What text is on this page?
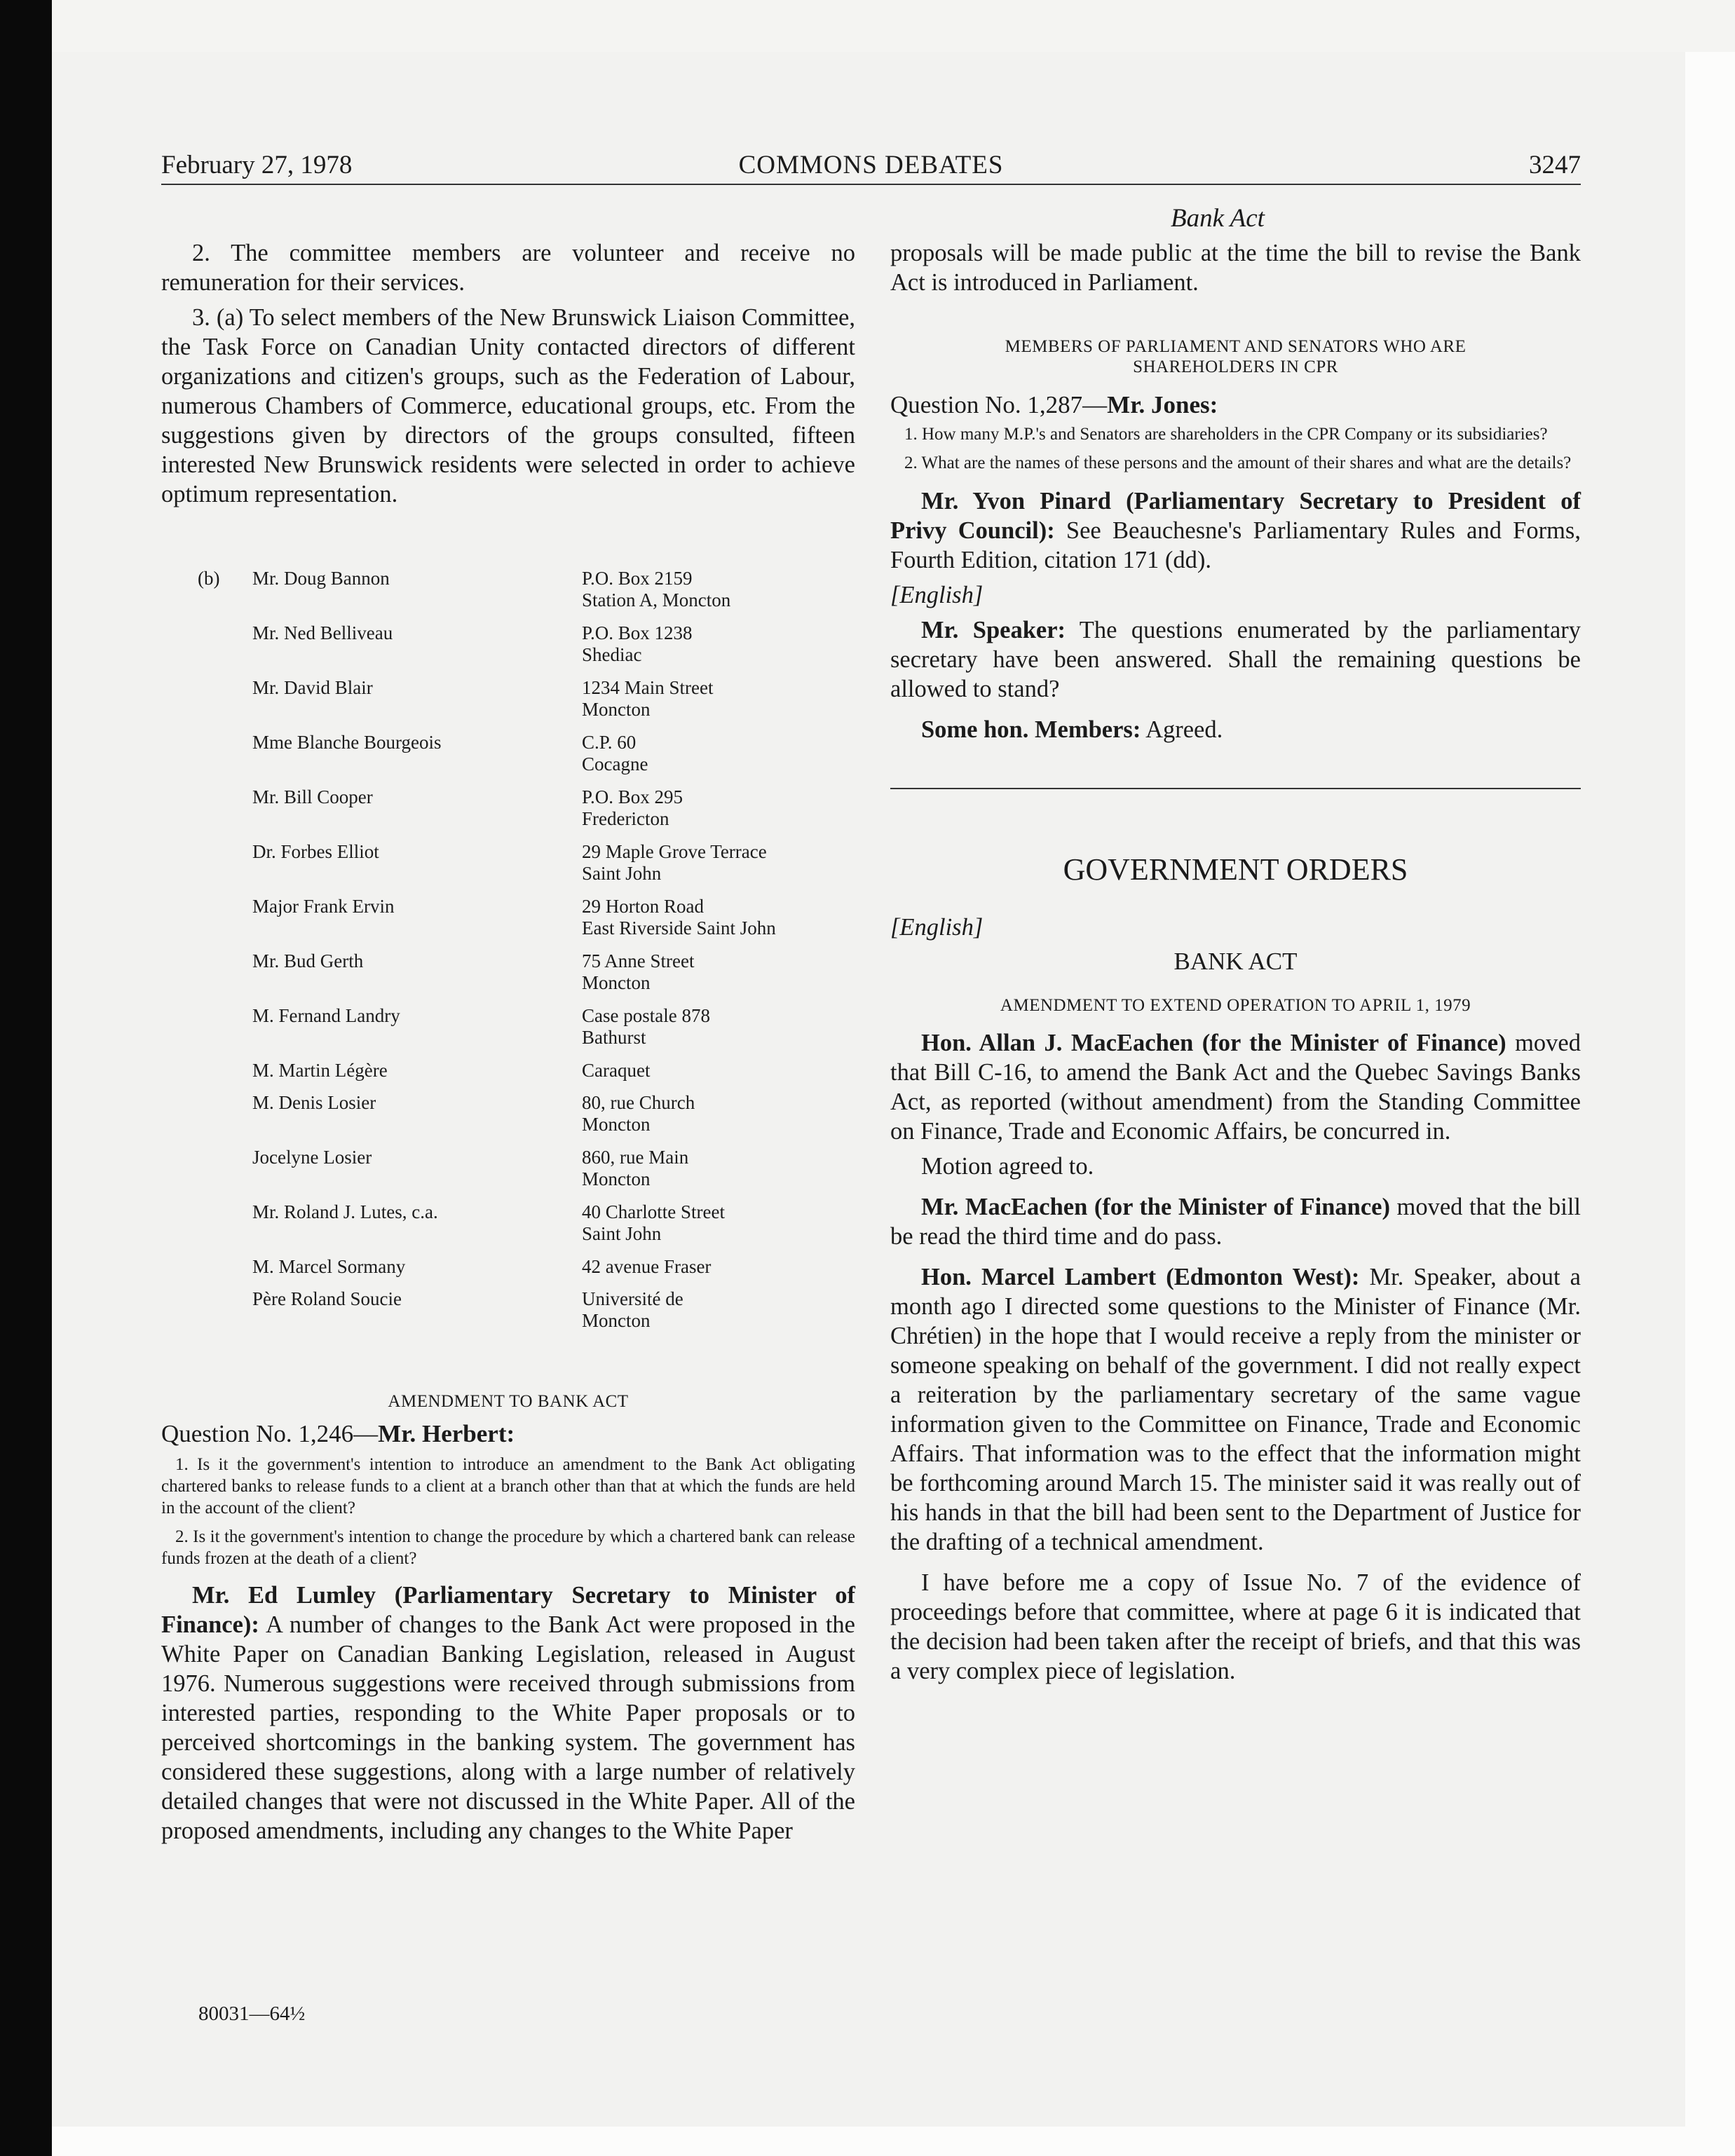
February 27, 1978	COMMONS DEBATES	3247
Bank Act

2. The committee members are volunteer and receive no remuneration for their services.

3. (a) To select members of the New Brunswick Liaison Committee, the Task Force on Canadian Unity contacted directors of different organizations and citizen's groups, such as the Federation of Labour, numerous Chambers of Commerce, educational groups, etc. From the suggestions given by directors of the groups consulted, fifteen interested New Brunswick residents were selected in order to achieve optimum representation.

(b) Mr. Doug Bannon	P.O. Box 2159
Station A, Moncton
Mr. Ned Belliveau	P.O. Box 1238
Shediac
Mr. David Blair	1234 Main Street
Moncton
Mme Blanche Bourgeois	C.P. 60
Cocagne
Mr. Bill Cooper	P.O. Box 295
Fredericton
Dr. Forbes Elliot	29 Maple Grove Terrace
Saint John
Major Frank Ervin	29 Horton Road
East Riverside Saint John
Mr. Bud Gerth	75 Anne Street
Moncton
M. Fernand Landry	Case postale 878
Bathurst
M. Martin Légère	Caraquet
M. Denis Losier	80, rue Church
Moncton
Jocelyne Losier	860, rue Main
Moncton
Mr. Roland J. Lutes, c.a.	40 Charlotte Street
Saint John
M. Marcel Sormany	42 avenue Fraser
Père Roland Soucie	Université de
Moncton
AMENDMENT TO BANK ACT
Question No. 1,246—Mr. Herbert:

1. Is it the government's intention to introduce an amendment to the Bank Act obligating chartered banks to release funds to a client at a branch other than that at which the funds are held in the account of the client?

2. Is it the government's intention to change the procedure by which a chartered bank can release funds frozen at the death of a client?

Mr. Ed Lumley (Parliamentary Secretary to Minister of Finance): A number of changes to the Bank Act were proposed in the White Paper on Canadian Banking Legislation, released in August 1976. Numerous suggestions were received through submissions from interested parties, responding to the White Paper proposals or to perceived shortcomings in the banking system. The government has considered these suggestions, along with a large number of relatively detailed changes that were not discussed in the White Paper. All of the proposed amendments, including any changes to the White Paper

80031—64½

proposals will be made public at the time the bill to revise the Bank Act is introduced in Parliament.

MEMBERS OF PARLIAMENT AND SENATORS WHO ARE
SHAREHOLDERS IN CPR
Question No. 1,287—Mr. Jones:

1. How many M.P.'s and Senators are shareholders in the CPR Company or its subsidiaries?

2. What are the names of these persons and the amount of their shares and what are the details?

Mr. Yvon Pinard (Parliamentary Secretary to President of Privy Council): See Beauchesne's Parliamentary Rules and Forms, Fourth Edition, citation 171 (dd).

[English]

Mr. Speaker: The questions enumerated by the parliamentary secretary have been answered. Shall the remaining questions be allowed to stand?

Some hon. Members: Agreed.

GOVERNMENT ORDERS

[English]

BANK ACT
AMENDMENT TO EXTEND OPERATION TO APRIL 1, 1979

Hon. Allan J. MacEachen (for the Minister of Finance) moved that Bill C-16, to amend the Bank Act and the Quebec Savings Banks Act, as reported (without amendment) from the Standing Committee on Finance, Trade and Economic Affairs, be concurred in.

Motion agreed to.

Mr. MacEachen (for the Minister of Finance) moved that the bill be read the third time and do pass.

Hon. Marcel Lambert (Edmonton West): Mr. Speaker, about a month ago I directed some questions to the Minister of Finance (Mr. Chrétien) in the hope that I would receive a reply from the minister or someone speaking on behalf of the government. I did not really expect a reiteration by the parliamentary secretary of the same vague information given to the Committee on Finance, Trade and Economic Affairs. That information was to the effect that the information might be forthcoming around March 15. The minister said it was really out of his hands in that the bill had been sent to the Department of Justice for the drafting of a technical amendment.

I have before me a copy of Issue No. 7 of the evidence of proceedings before that committee, where at page 6 it is indicated that the decision had been taken after the receipt of briefs, and that this was a very complex piece of legislation.
